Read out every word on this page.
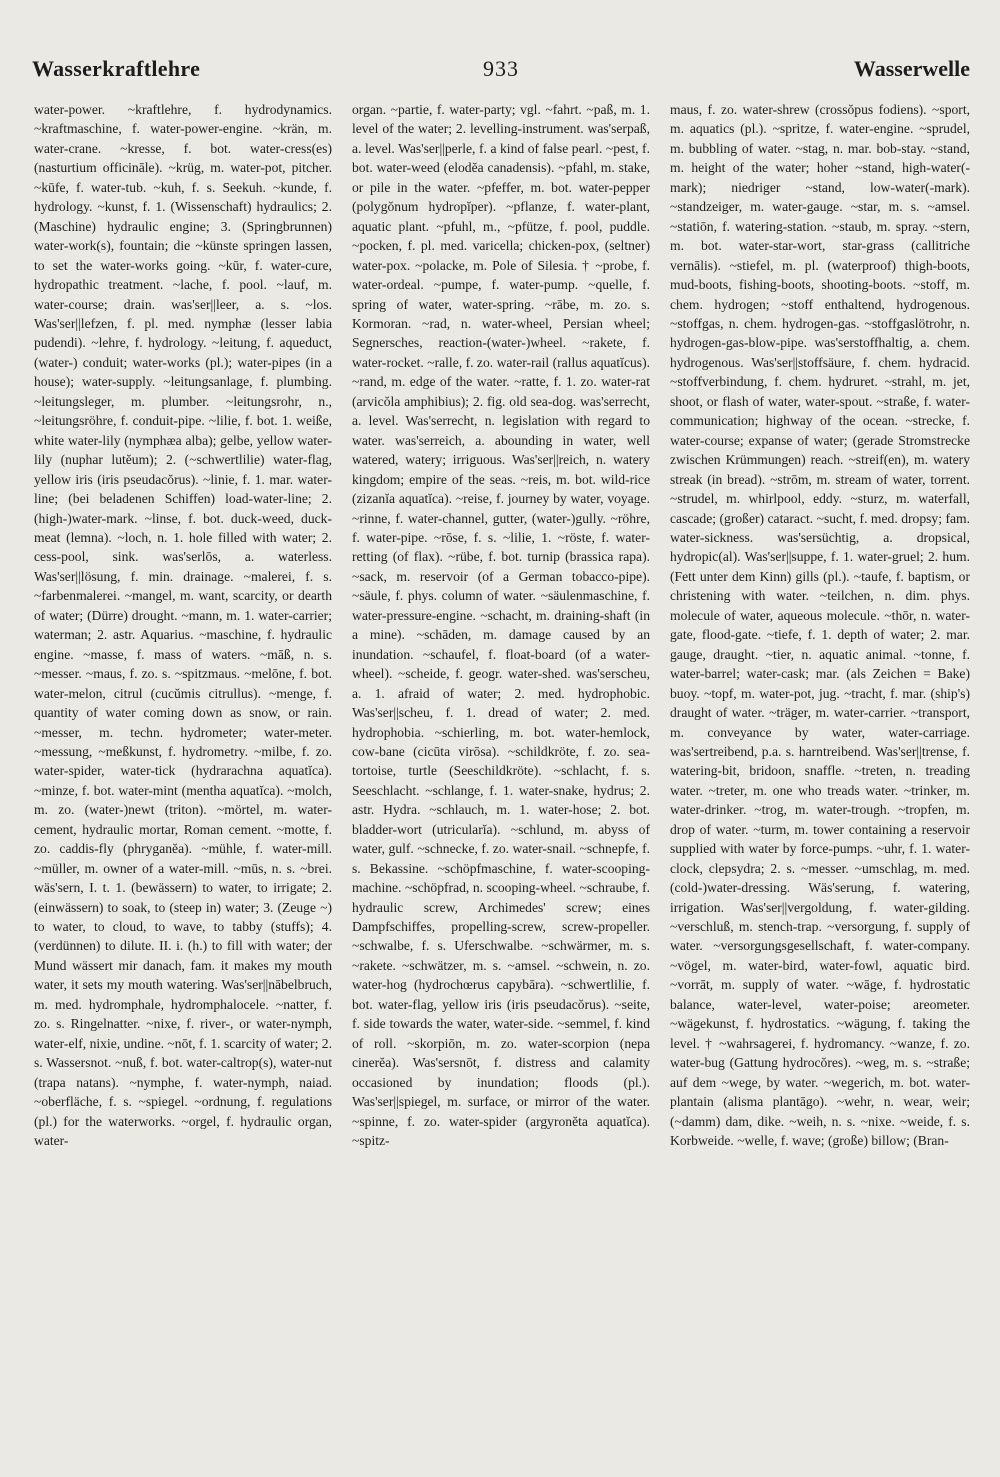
Wasserkraftlehre	933	Wasserwelle

water-power. ~kraftlehre, f. hydrodynamics. ~kraftmaschine, f. water-power-engine. ~krän, m. water-crane. ~kresse, f. bot. water-cress(es) (nasturtium officināle). ~krüg, m. water-pot, pitcher. ~kūfe, f. water-tub. ~kuh, f. s. Seekuh. ~kunde, f. hydrology. ~kunst, f. 1. (Wissenschaft) hydraulics; 2. (Maschine) hydraulic engine; 3. (Springbrunnen) water-work(s), fountain; die ~künste springen lassen, to set the water-works going. ~kūr, f. water-cure, hydropathic treatment. ~lache, f. pool. ~lauf, m. water-course; drain. was'ser||leer, a. s. ~los. Was'ser||lefzen, f. pl. med. nymphæ (lesser labia pudendi). ~lehre, f. hydrology. ~leitung, f. aqueduct, (water-) conduit; water-works (pl.); water-pipes (in a house); water-supply. ~leitungsanlage, f. plumbing. ~leitungsleger, m. plumber. ~leitungsrohr, n., ~leitungsröhre, f. conduit-pipe. ~lilie, f. bot. 1. weiße, white water-lily (nymphæa alba); gelbe, yellow water-lily (nuphar lutĕum); 2. (~schwertlilie) water-flag, yellow iris (iris pseudacŏrus). ~linie, f. 1. mar. water-line; (bei beladenen Schiffen) load-water-line; 2. (high-)water-mark. ~linse, f. bot. duck-weed, duck-meat (lemna). ~loch, n. 1. hole filled with water; 2. cess-pool, sink. was'serlōs, a. waterless. Was'ser||lösung, f. min. drainage. ~malerei, f. s. ~farbenmalerei. ~mangel, m. want, scarcity, or dearth of water; (Dürre) drought. ~mann, m. 1. water-carrier; waterman; 2. astr. Aquarius. ~maschine, f. hydraulic engine. ~masse, f. mass of waters. ~māß, n. s. ~messer. ~maus, f. zo. s. ~spitzmaus. ~melōne, f. bot. water-melon, citrul (cucŭmis citrullus). ~menge, f. quantity of water coming down as snow, or rain. ~messer, m. techn. hydrometer; water-meter. ~messung, ~meßkunst, f. hydrometry. ~milbe, f. zo. water-spider, water-tick (hydrarachna aquatĭca). ~minze, f. bot. water-mint (mentha aquatĭca). ~molch, m. zo. (water-)newt (triton). ~mörtel, m. water-cement, hydraulic mortar, Roman cement. ~motte, f. zo. caddis-fly (phryganĕa). ~mühle, f. water-mill. ~müller, m. owner of a water-mill. ~mūs, n. s. ~brei. wäs'sern, I. t. 1. (bewässern) to water, to irrigate; 2. (einwässern) to soak, to (steep in) water; 3. (Zeuge ~) to water, to cloud, to wave, to tabby (stuffs); 4. (verdünnen) to dilute. II. i. (h.) to fill with water; der Mund wässert mir danach, fam. it makes my mouth water, it sets my mouth watering. Was'ser||nābelbruch, m. med. hydromphale, hydromphalocele. ~natter, f. zo. s. Ringelnatter. ~nixe, f. river-, or water-nymph, water-elf, nixie, undine. ~nōt, f. 1. scarcity of water; 2. s. Wassersnot. ~nuß, f. bot. water-caltrop(s), water-nut (trapa natans). ~nymphe, f. water-nymph, naiad. ~oberfläche, f. s. ~spiegel. ~ordnung, f. regulations (pl.) for the waterworks. ~orgel, f. hydraulic organ, water-

organ. ~partie, f. water-party; vgl. ~fahrt. ~paß, m. 1. level of the water; 2. levelling-instrument. was'serpaß, a. level. Was'ser||perle, f. a kind of false pearl. ~pest, f. bot. water-weed (elodĕa canadensis). ~pfahl, m. stake, or pile in the water. ~pfeffer, m. bot. water-pepper (polygŏnum hydropĭper). ~pflanze, f. water-plant, aquatic plant. ~pfuhl, m., ~pfütze, f. pool, puddle. ~pocken, f. pl. med. varicella; chicken-pox, (seltner) water-pox. ~polacke, m. Pole of Silesia. † ~probe, f. water-ordeal. ~pumpe, f. water-pump. ~quelle, f. spring of water, water-spring. ~rābe, m. zo. s. Kormoran. ~rad, n. water-wheel, Persian wheel; Segnersches, reaction-(water-)wheel. ~rakete, f. water-rocket. ~ralle, f. zo. water-rail (rallus aquatĭcus). ~rand, m. edge of the water. ~ratte, f. 1. zo. water-rat (arvicŏla amphibius); 2. fig. old sea-dog. was'serrecht, a. level. Was'serrecht, n. legislation with regard to water. was'serreich, a. abounding in water, well watered, watery; irriguous. Was'ser||reich, n. watery kingdom; empire of the seas. ~reis, m. bot. wild-rice (zizanĭa aquatĭca). ~reise, f. journey by water, voyage. ~rinne, f. water-channel, gutter, (water-)gully. ~röhre, f. water-pipe. ~rōse, f. s. ~lilie, 1. ~röste, f. water-retting (of flax). ~rübe, f. bot. turnip (brassica rapa). ~sack, m. reservoir (of a German tobacco-pipe). ~säule, f. phys. column of water. ~säulenmaschine, f. water-pressure-engine. ~schacht, m. draining-shaft (in a mine). ~schāden, m. damage caused by an inundation. ~schaufel, f. float-board (of a water-wheel). ~scheide, f. geogr. water-shed. was'serscheu, a. 1. afraid of water; 2. med. hydrophobic. Was'ser||scheu, f. 1. dread of water; 2. med. hydrophobia. ~schierling, m. bot. water-hemlock, cow-bane (cicūta virōsa). ~schildkröte, f. zo. sea-tortoise, turtle (Seeschildkröte). ~schlacht, f. s. Seeschlacht. ~schlange, f. 1. water-snake, hydrus; 2. astr. Hydra. ~schlauch, m. 1. water-hose; 2. bot. bladder-wort (utricularĭa). ~schlund, m. abyss of water, gulf. ~schnecke, f. zo. water-snail. ~schnepfe, f. s. Bekassine. ~schöpfmaschine, f. water-scooping-machine. ~schöpfrad, n. scooping-wheel. ~schraube, f. hydraulic screw, Archimedes' screw; eines Dampfschiffes, propelling-screw, screw-propeller. ~schwalbe, f. s. Uferschwalbe. ~schwärmer, m. s. ~rakete. ~schwätzer, m. s. ~amsel. ~schwein, n. zo. water-hog (hydrochœrus capybāra). ~schwertlilie, f. bot. water-flag, yellow iris (iris pseudacŏrus). ~seite, f. side towards the water, water-side. ~semmel, f. kind of roll. ~skorpiōn, m. zo. water-scorpion (nepa cinerĕa). Was'sersnōt, f. distress and calamity occasioned by inundation; floods (pl.). Was'ser||spiegel, m. surface, or mirror of the water. ~spinne, f. zo. water-spider (argyronĕta aquatĭca). ~spitz-

maus, f. zo. water-shrew (crossŏpus fodiens). ~sport, m. aquatics (pl.). ~spritze, f. water-engine. ~sprudel, m. bubbling of water. ~stag, n. mar. bob-stay. ~stand, m. height of the water; hoher ~stand, high-water(-mark); niedriger ~stand, low-water(-mark). ~standzeiger, m. water-gauge. ~star, m. s. ~amsel. ~statiōn, f. watering-station. ~staub, m. spray. ~stern, m. bot. water-star-wort, star-grass (callitriche vernālis). ~stiefel, m. pl. (waterproof) thigh-boots, mud-boots, fishing-boots, shooting-boots. ~stoff, m. chem. hydrogen; ~stoff enthaltend, hydrogenous. ~stoffgas, n. chem. hydrogen-gas. ~stoffgaslötrohr, n. hydrogen-gas-blow-pipe. was'serstoffhaltig, a. chem. hydrogenous. Was'ser||stoffsäure, f. chem. hydracid. ~stoffverbindung, f. chem. hydruret. ~strahl, m. jet, shoot, or flash of water, water-spout. ~straße, f. water-communication; highway of the ocean. ~strecke, f. water-course; expanse of water; (gerade Stromstrecke zwischen Krümmungen) reach. ~streif(en), m. watery streak (in bread). ~strōm, m. stream of water, torrent. ~strudel, m. whirlpool, eddy. ~sturz, m. waterfall, cascade; (großer) cataract. ~sucht, f. med. dropsy; fam. water-sickness. was'sersüchtig, a. dropsical, hydropic(al). Was'ser||suppe, f. 1. water-gruel; 2. hum. (Fett unter dem Kinn) gills (pl.). ~taufe, f. baptism, or christening with water. ~teilchen, n. dim. phys. molecule of water, aqueous molecule. ~thōr, n. water-gate, flood-gate. ~tiefe, f. 1. depth of water; 2. mar. gauge, draught. ~tier, n. aquatic animal. ~tonne, f. water-barrel; water-cask; mar. (als Zeichen = Bake) buoy. ~topf, m. water-pot, jug. ~tracht, f. mar. (ship's) draught of water. ~träger, m. water-carrier. ~transport, m. conveyance by water, water-carriage. was'sertreibend, p.a. s. harntreibend. Was'ser||trense, f. watering-bit, bridoon, snaffle. ~treten, n. treading water. ~treter, m. one who treads water. ~trinker, m. water-drinker. ~trog, m. water-trough. ~tropfen, m. drop of water. ~turm, m. tower containing a reservoir supplied with water by force-pumps. ~uhr, f. 1. water-clock, clepsydra; 2. s. ~messer. ~umschlag, m. med. (cold-)water-dressing. Wäs'serung, f. watering, irrigation. Was'ser||vergoldung, f. water-gilding. ~verschluß, m. stench-trap. ~versorgung, f. supply of water. ~versorgungsgesellschaft, f. water-company. ~vögel, m. water-bird, water-fowl, aquatic bird. ~vorrāt, m. supply of water. ~wāge, f. hydrostatic balance, water-level, water-poise; areometer. ~wägekunst, f. hydrostatics. ~wägung, f. taking the level. † ~wahrsagerei, f. hydromancy. ~wanze, f. zo. water-bug (Gattung hydrocŏres). ~weg, m. s. ~straße; auf dem ~wege, by water. ~wegerich, m. bot. water-plantain (alisma plantāgo). ~wehr, n. wear, weir; (~damm) dam, dike. ~weih, n. s. ~nixe. ~weide, f. s. Korbweide. ~welle, f. wave; (große) billow; (Bran-
